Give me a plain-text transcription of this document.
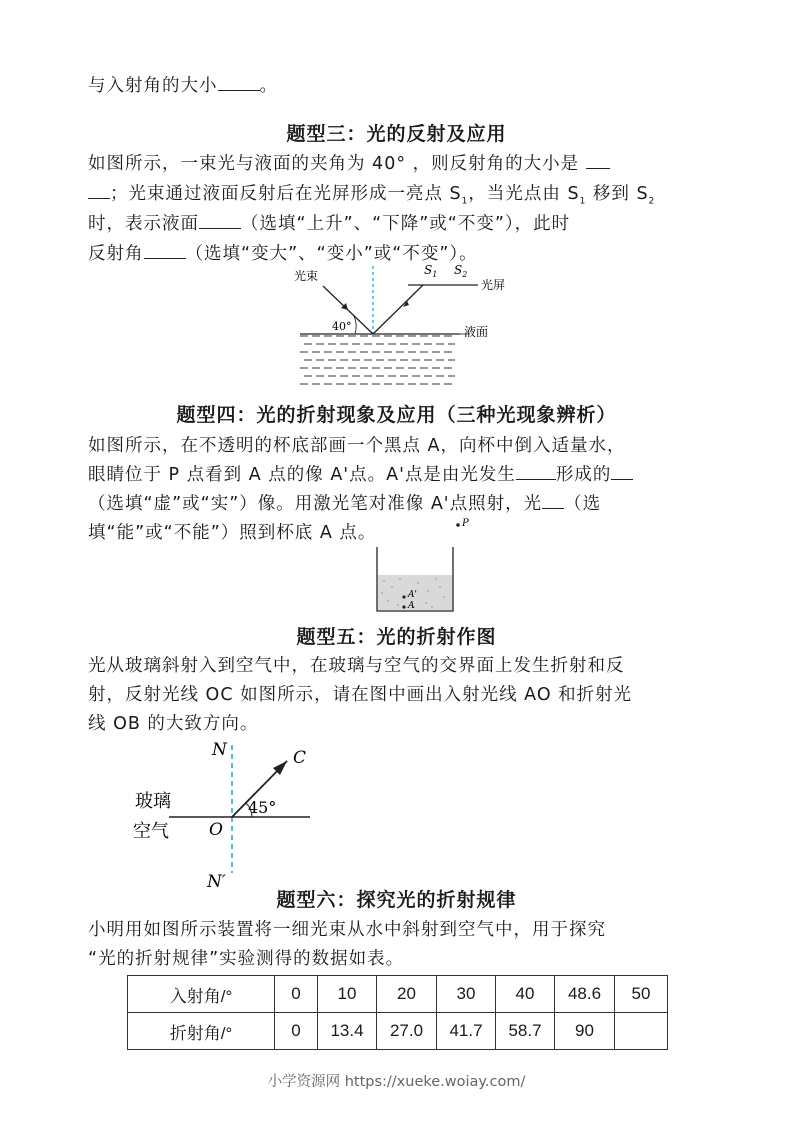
与入射角的大小 。
题型三：光的反射及应用
如图所示，一束光与液面的夹角为 40° ，则反射角的大小是
；光束通过液面反射后在光屏形成一亮点 $S_1$，当光点由 $S_1$ 移到 $S_2$
时，表示液面 （选填“上升”、“下降”或“不变”），此时
反射角 （选填“变大”、“变小”或“不变”）。
光束	$S_1$ $S_2$
光屏
40°	液面
题型四：光的折射现象及应用（三种光现象辨析）
如图所示，在不透明的杯底部画一个黑点 A，向杯中倒入适量水，
眼睛位于 P 点看到 A 点的像 A'点。A'点是由光发生 形成的
（选填“虚”或“实”）像。用激光笔对准像 A'点照射，光 （选
填“能”或“不能”）照到杯底 A 点。	P
A'
A
题型五：光的折射作图
光从玻璃斜射入到空气中，在玻璃与空气的交界面上发生折射和反
射，反射光线 OC 如图所示，请在图中画出入射光线 AO 和折射光
线 OB 的大致方向。
N	C
玻璃	45°
空气 O
N′
题型六：探究光的折射规律
小明用如图所示装置将一细光束从水中斜射到空气中，用于探究
“光的折射规律”实验测得的数据如表。
入射角/°	0	10	20	30	40	48.6	50
折射角/°	0	13.4	27.0	41.7	58.7	90	
小学资源网 https://xueke.woiay.com/
